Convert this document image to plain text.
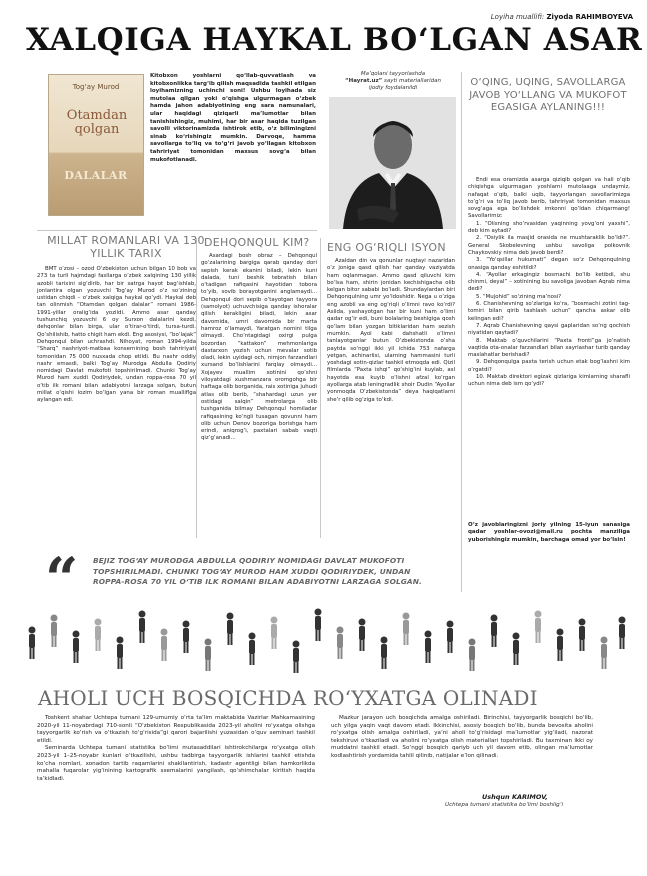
Loyiha muallifi: Ziyoda RAHIMBOYEVA
XALQIGA HAYKAL BO‘LGAN ASAR
Tog‘ay Murod
Otamdan
qolgan
DALALAR
Kitobxon yoshlarni qo‘llab-quvvatlash va kitobxonlikka targ‘ib qilish maqsadida tashkil etilgan loyihamizning uchinchi soni! Ushbu loyihada siz mutolaa qilgan yoki o‘qishga ulgurmagan o‘zbek hamda jahon adabiyotining eng sara namunalari, ular haqidagi qiziqarli ma’lumotlar bilan tanishishingiz, muhimi, har bir asar haqida tuzilgan savolli viktorinamizda ishtirok etib, o‘z bilimingizni sinab ko‘rishingiz mumkin. Darvoqe, hamma savollarga to‘liq va to‘g‘ri javob yo‘llagan kitobxon tahririyat tomonidan maxsus sovg‘a bilan mukofotlanadi.
Ma’qolani tayyorlashda
“Hayrat.uz” sayti materiallaridan
ijodiy foydalanildi
O‘QING, UQING, SAVOLLARGA JAVOB YO‘LLANG VA MUKOFOT EGASIGA AYLANING!!!

Endi esa oramizda asarga qiziqib qolgan va hali o‘qib chiqishga ulgurmagan yoshlarni mutolaaga undaymiz, nafaqat o‘qib, balki uqib, tayyorlangan savollarimizga to‘g‘ri va to‘liq javob berib, tahririyat tomonidan maxsus sovg‘aga ega bo‘lishdek imkonni qo‘ldan chiqarmang! Savollarimiz:

1. “Olisning sho‘rvasidan yaqinning yovg‘oni yaxshi”, deb kim aytadi?

2. “Osiylik ila masjid orasida ne mushtaraklik bo‘ldi?”. General Skobelevning ushbu savoliga polkovnik Chaykovskiy nima deb javob berdi?

3. “Yo‘qsillar hukumati” degan so‘z Dehqonqulning onasiga qanday eshitildi?

4. “Ayollar erkagingiz bosmachi bo‘lib ketibdi, shu chinmi, deyal” – xotinining bu savoliga javoban Aqrab nima dedi?

5. “Mujohid” so‘zining ma’nosi?

6. Chanishevning so‘zlariga ko‘ra, “bosmachi zotini tag-tomiri bilan qirib tashlash uchun” qancha askar olib kelingan edi?

7. Aqrab Chanishevning qaysi gaplaridan so‘ng qochish niyatidan qaytadi?

8. Maktab o‘quvchilarini “Paxta fronti”ga jo‘natish vaqtida ota-onalar farzandlari bilan xayrlashar turib qanday maslahatlar berishadi?

9. Dehqonqulga paxta terish uchun etak bog‘lashni kim o‘rgatdi?

10. Maktab direktori egizak qizlariga kimlarning sharafli uchun nima deb ism qo‘ydi?

O‘z javoblaringizni joriy yilning 15-iyun sanasiga qadar yoshlar-ovozi@mail.ru pochta manziliga yuborishingiz mumkin, barchaga omad yor bo‘lsin!
MILLAT ROMANLARI VA 130 YILLIK TARIX
DEHQONQUL KIM? ENG OG‘RIQLI ISYON
BMT o‘zosi – ozod O‘zbekiston uchun bilgan 10 bob va 273 ta turli hajmdagi fasllarga o‘zbek xalqining 130 yillik azobli tarixini sig‘dirib, har bir satrga hayot bag‘ishlab, jonlantira olgan yozuvchi Tog‘ay Murod o‘z so‘zining ustidan chiqdi – o‘zbek xalqiga haykal qo‘ydi. Haykal deb tan olinmish “Otamdan qolgan dalalar” romani 1986-1991-yillar oralig‘ida yozildi. Ammo asar qanday tushunchiq yozuvchi 6 oy Surxon dalalarini kezdi, dehqonlar bilan birga, ular o‘tirar-o‘tirdi, tursa-turdi. Qo‘shilishib, hatto chigit ham ekdi. Eng asosiysi, “bo‘lajak” Dehqonqul bilan uchrashdi. Nihoyat, roman 1994-yilda “Sharq” nashriyot-matbaa konsernining bosh tahririyati tomonidan 75 000 nusxada chop etildi. Bu nashr oddiy nashr emasdi, balki Tog‘ay Murodga Abdulla Qodiriy nomidagi Davlat mukofoti topshirilmadi. Chunki Tog‘ay Murod ham xuddi Qodiriydek, undan roppa-rosa 70 yil o‘tib ilk romani bilan adabiyotni larzaga solgan, butun millat o‘qishi lozim bo‘lgan yana bir roman mualliflga aylangan edi.
Asardagi bosh obraz – Dehqonqul go‘zalarining bargiga qarab qanday dori sepish kerak ekanini biladi, lekin kuni daladа, tuni beshik tebratish bilan o‘tadigan rafiqasini hayotidan tobora to‘yib, sovib borayotganini anglamaydi... Dehqonqul dori sepib o‘tayotgan tayyora (samolyot) uchuvchisiga qanday ishoralar qilish kerakligini biladi, lekin asar davomida, umri davomida bir marta hamroz o‘lamaydi, Yaratgan nomini tilga olmaydi. Cho‘ntagidagi oxirgi pulga bozordan “kattakon” mehmonlariga dastarxon yozish uchun mevalar sotib oladi, lekin uyidagi och, nimjon farzandlari xursand bo‘lishlarini farqlay olmaydi... Xojayev muallim xotinini qo‘shni viloyatdagi xushmanzara oromgohga bir haftaga olib borganida, rais xotiniga juhudi atlas olib berib, “shahardagi uzun yer ostidagi salqin” metrolarga olib tushganida bilmay Dehqonqul homiladar rafiqasining ko‘ngli tusagan qovunni ham olib uchun Denov bozoriga borishga ham erindi, aniqrog‘i, paxtalari sabab vaqti qiz‘g‘anadi...
Azaldan din va qonunlar nuqtayi nazaridan o‘z joniga qasd qilish har qanday vaziyatda ham oqlanmagan. Ammo qasd qiluvchi kim bo‘lsa ham, shirin jonidan kechishigacha olib kelgan bitor sababi bo‘ladi. Shundaylardan biri Dehqonqulning umr yo‘ldoshidir. Nega u o‘ziga eng azobli va eng og‘riqli o‘limni ravo ko‘rdi? Aslida, yashayotgan har bir kuni ham o‘limi qadar og‘ir edi, buni bolalaring beshigiga qosh qo‘lam bilan yozgan bitiklaridan ham sezish mumkin. Ayol kabi dahshatli o‘limni tanlayotganlar butun O‘zbekistonda o‘sha paytda so‘nggi ikki yil ichida 753 nafarga yetgan, achinarlisi, ularning hammasini turli yoshdagi xotin-qizlar tashkil etmoqda edi. Qizil filmlarda “Paxta ishqi” qo‘shig‘ini kuylab, asl hayotda esa kuyib o‘lishni afzal ko‘rgan ayollarga atab leningradlik shoir Dudin “Ayollar yonmoqda O‘zbekistonda” deya haqiqatlarni she’r qilib og‘ziga to‘kdi.
“ BEJIZ TOG‘AY MURODGA ABDULLA QODIRIY NOMIDAGI DAVLAT MUKOFOTI TOPSHIRILMADI. CHUNKI TOG‘AY MUROD HAM XUDDI QODIRIYDEK, UNDAN ROPPA-ROSA 70 YIL O‘TIB ILK ROMANI BILAN ADABIYOTNI LARZAGA SOLGAN.
AHOLI UCH BOSQICHDA RO‘YXATGA OLINADI

Toshkent shahar Uchtepa tumani 129-umumiy o‘rta ta’lim maktabida Vazirlar Mahkamasining 2020-yil 11-noyabrdagi 710-sonli “O‘zbekiston Respublikasida 2023-yil aholini ro‘yxatga olishga tayyorgarlik ko‘rish va o‘tkazish to‘g‘risida”gi qarori bajarilishi yuzasidan o‘quv seminari tashkil etildi.

Seminarda Uchtepa tumani statistika bo‘limi mutasaddilari ishtirokchilarga ro‘yxatga olish 2023-yil 1–25-noyabr kunlari o‘tkazilishi, ushbu tadbirga tayyorgarlik ishlarini tashkil etishda ko‘cha nomlari, xonadon tartib raqamlarini shakllantirish, kadastr agentligi bilan hamkorlikda mahalla fuqarolar yig‘inining kartografik sxemalarini yangilash, qo‘shimchalar kiritish haqida ta’kidladi.

Mazkur jarayon uch bosqichda amalga oshiriladi. Birinchisi, tayyorgarlik bosqichi bo‘lib, uch yilga yaqin vaqt davom etadi. Ikkinchisi, asosiy bosqich bo‘lib, bunda bevosita aholini ro‘yxatga olish amalga oshiriladi, ya’ni aholi to‘g‘risidagi ma’lumotlar yig‘iladi, nazorat tekshiruvi o‘tkaziladi va aholini ro‘yxatga olish materiallari topshiriladi. Bu taxminan ikki oy muddatni tashkil etadi. So‘nggi bosqich qariyb uch yil davom etib, olingan ma’lumotlar kodlashtirish yordamida tahlil qilinib, natijalar e’lon qilinadi.

Ushqun KARIMOV,
Uchtepa tumani statistika bo‘limi boshlig‘i
